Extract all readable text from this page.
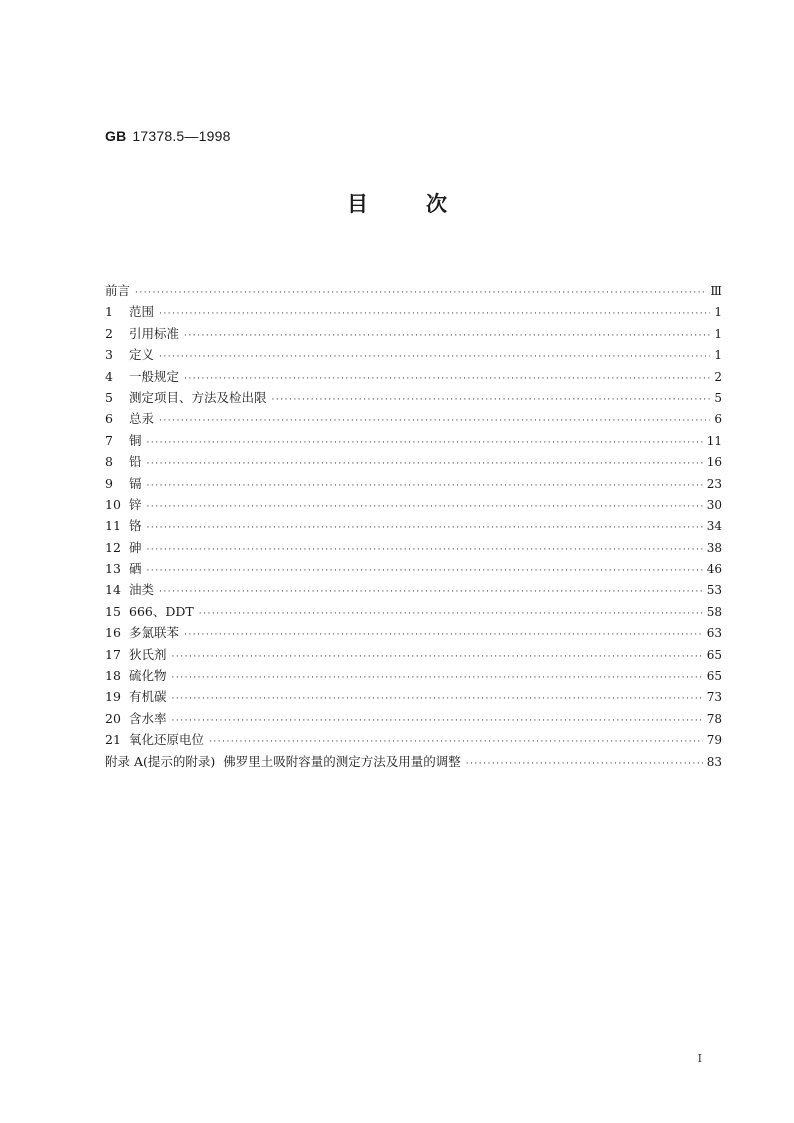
GB 17378.5—1998
目次
前言 ·····	Ⅲ
1	范围 ·····	1
2	引用标准 ·····	1
3	定义 ·····	1
4	一般规定 ·····	2
5	测定项目、方法及检出限 ·····	5
6	总汞 ·····	6
7	铜 ·····	11
8	铅 ·····	16
9	镉 ·····	23
10 锌 ·····	30
11 铬 ·····	34
12 砷 ·····	38
13 硒 ·····	46
14 油类 ·····	53
15 666、DDT ·····	58
16 多氯联苯 ·····	63
17 狄氏剂 ·····	65
18 硫化物 ·····	65
19 有机碳 ·····	73
20 含水率 ·····	78
21 氧化还原电位 ·····	79
附录 A(提示的附录)  佛罗里土吸附容量的测定方法及用量的调整 ·····	83
Ⅰ
